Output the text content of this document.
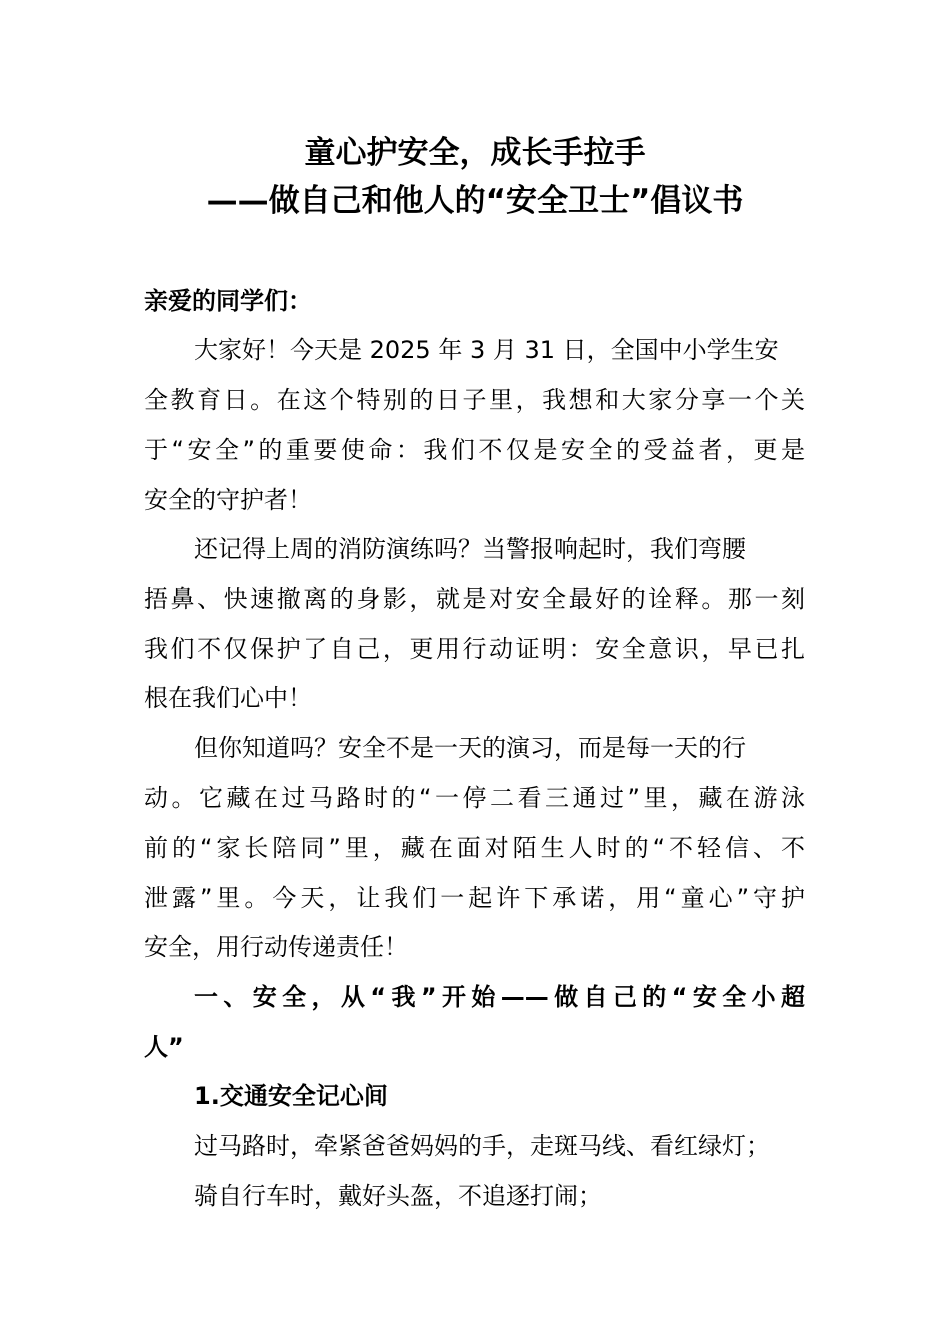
童心护安全，成长手拉手
——做自己和他人的“安全卫士”倡议书
亲爱的同学们：
大家好！今天是 2025 年 3 月 31 日，全国中小学生安
全教育日。在这个特别的日子里，我想和大家分享一个关
于“安全”的重要使命：我们不仅是安全的受益者，更是
安全的守护者！
还记得上周的消防演练吗？当警报响起时，我们弯腰
捂鼻、快速撤离的身影，就是对安全最好的诠释。那一刻
我们不仅保护了自己，更用行动证明：安全意识，早已扎
根在我们心中！
但你知道吗？安全不是一天的演习，而是每一天的行
动。它藏在过马路时的“一停二看三通过”里，藏在游泳
前的“家长陪同”里，藏在面对陌生人时的“不轻信、不
泄露”里。今天，让我们一起许下承诺，用“童心”守护
安全，用行动传递责任！
一、安全，从“我”开始——做自己的“安全小超
人”
1.交通安全记心间
过马路时，牵紧爸爸妈妈的手，走斑马线、看红绿灯；
骑自行车时，戴好头盔，不追逐打闹；
